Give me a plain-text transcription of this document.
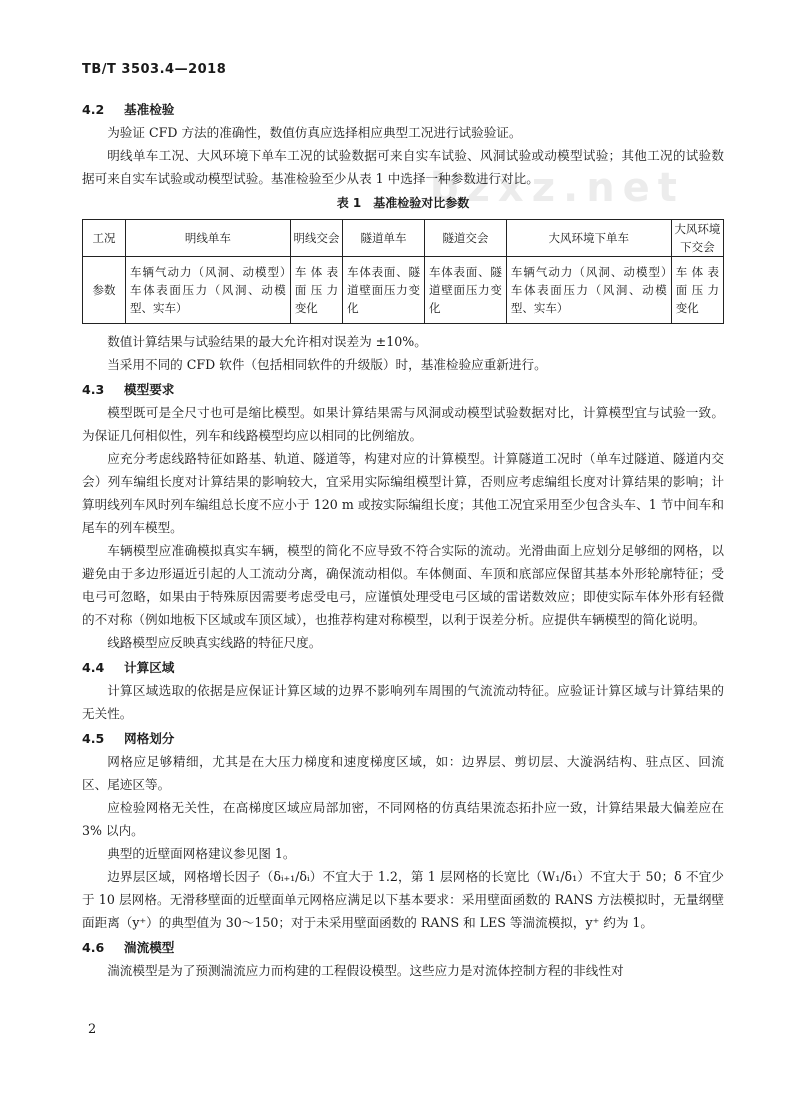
bzxz.net
TB/T 3503.4—2018
4.2 基准检验

为验证 CFD 方法的准确性，数值仿真应选择相应典型工况进行试验验证。

明线单车工况、大风环境下单车工况的试验数据可来自实车试验、风洞试验或动模型试验；其他工况的试验数据可来自实车试验或动模型试验。基准检验至少从表 1 中选择一种参数进行对比。

表 1　基准检验对比参数
工况	明线单车	明线交会	隧道单车	隧道交会	大风环境下单车	大风环境下交会
参数	车辆气动力（风洞、动模型）　车体表面压力（风洞、动模型、实车）	车体表面压力变化	车体表面、隧道壁面压力变化	车体表面、隧道壁面压力变化	车辆气动力（风洞、动模型）　车体表面压力（风洞、动模型、实车）	车体表面压力变化

数值计算结果与试验结果的最大允许相对误差为 ±10%。

当采用不同的 CFD 软件（包括相同软件的升级版）时，基准检验应重新进行。

4.3 模型要求

模型既可是全尺寸也可是缩比模型。如果计算结果需与风洞或动模型试验数据对比，计算模型宜与试验一致。为保证几何相似性，列车和线路模型均应以相同的比例缩放。

应充分考虑线路特征如路基、轨道、隧道等，构建对应的计算模型。计算隧道工况时（单车过隧道、隧道内交会）列车编组长度对计算结果的影响较大，宜采用实际编组模型计算，否则应考虑编组长度对计算结果的影响；计算明线列车风时列车编组总长度不应小于 120 m 或按实际编组长度；其他工况宜采用至少包含头车、1 节中间车和尾车的列车模型。

车辆模型应准确模拟真实车辆，模型的简化不应导致不符合实际的流动。光滑曲面上应划分足够细的网格，以避免由于多边形逼近引起的人工流动分离，确保流动相似。车体侧面、车顶和底部应保留其基本外形轮廓特征；受电弓可忽略，如果由于特殊原因需要考虑受电弓，应谨慎处理受电弓区域的雷诺数效应；即使实际车体外形有轻微的不对称（例如地板下区域或车顶区域），也推荐构建对称模型，以利于误差分析。应提供车辆模型的简化说明。

线路模型应反映真实线路的特征尺度。

4.4 计算区域

计算区域选取的依据是应保证计算区域的边界不影响列车周围的气流流动特征。应验证计算区域与计算结果的无关性。

4.5 网格划分

网格应足够精细，尤其是在大压力梯度和速度梯度区域，如：边界层、剪切层、大漩涡结构、驻点区、回流区、尾迹区等。

应检验网格无关性，在高梯度区域应局部加密，不同网格的仿真结果流态拓扑应一致，计算结果最大偏差应在 3% 以内。

典型的近壁面网格建议参见图 1。

边界层区域，网格增长因子（δᵢ₊₁/δᵢ）不宜大于 1.2，第 1 层网格的长宽比（W₁/δ₁）不宜大于 50；δ 不宜少于 10 层网格。无滑移壁面的近壁面单元网格应满足以下基本要求：采用壁面函数的 RANS 方法模拟时，无量纲壁面距离（y⁺）的典型值为 30～150；对于未采用壁面函数的 RANS 和 LES 等湍流模拟，y⁺ 约为 1。

4.6 湍流模型

湍流模型是为了预测湍流应力而构建的工程假设模型。这些应力是对流体控制方程的非线性对

2
